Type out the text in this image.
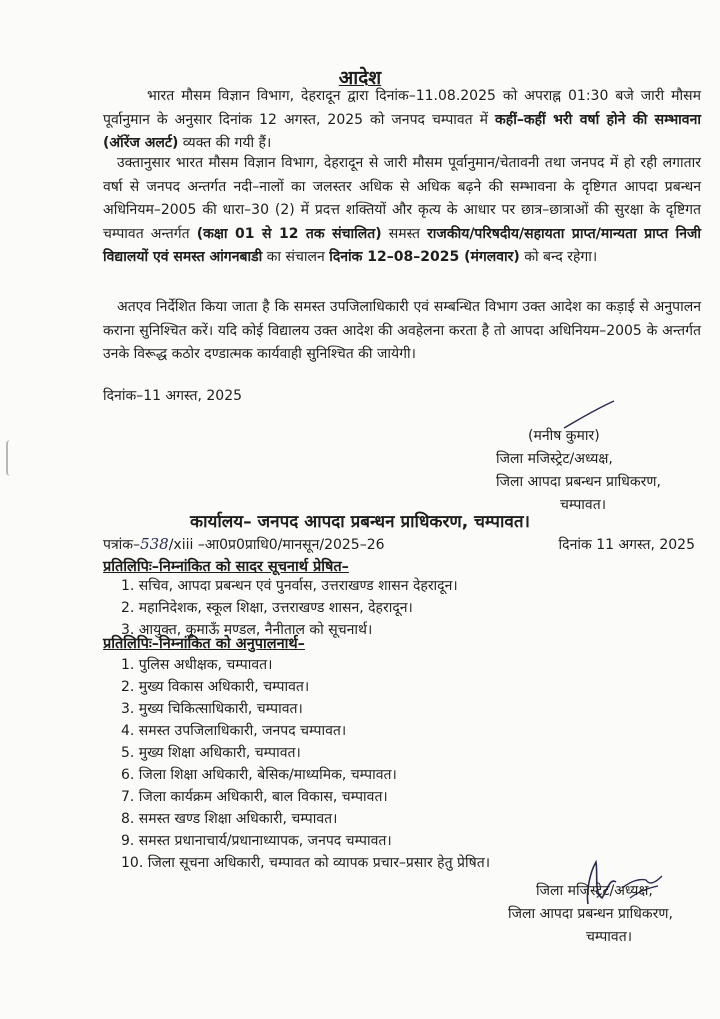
आदेश
भारत मौसम विज्ञान विभाग, देहरादून द्वारा दिनांक–11.08.2025 को अपराह्न 01:30 बजे जारी मौसम पूर्वानुमान के अनुसार दिनांक 12 अगस्त, 2025 को जनपद चम्पावत में कहीं–कहीं भरी वर्षा होने की सम्भावना (ऑरेंज अलर्ट) व्यक्त की गयी हैं।
उक्तानुसार भारत मौसम विज्ञान विभाग, देहरादून से जारी मौसम पूर्वानुमान/चेतावनी तथा जनपद में हो रही लगातार वर्षा से जनपद अन्तर्गत नदी–नालों का जलस्तर अधिक से अधिक बढ़ने की सम्भावना के दृष्टिगत आपदा प्रबन्धन अधिनियम–2005 की धारा–30 (2) में प्रदत्त शक्तियों और कृत्य के आधार पर छात्र–छात्राओं की सुरक्षा के दृष्टिगत चम्पावत अन्तर्गत (कक्षा 01 से 12 तक संचालित) समस्त राजकीय/परिषदीय/सहायता प्राप्त/मान्यता प्राप्त निजी विद्यालयों एवं समस्त आंगनबाडी का संचालन दिनांक 12–08–2025 (मंगलवार) को बन्द रहेगा।
अतएव निर्देशित किया जाता है कि समस्त उपजिलाधिकारी एवं सम्बन्धित विभाग उक्त आदेश का कड़ाई से अनुपालन कराना सुनिश्चित करें। यदि कोई विद्यालय उक्त आदेश की अवहेलना करता है तो आपदा अधिनियम–2005 के अन्तर्गत उनके विरूद्ध कठोर दण्डात्मक कार्यवाही सुनिश्चित की जायेगी।
दिनांक–11 अगस्त, 2025
(मनीष कुमार)
जिला मजिस्ट्रेट/अध्यक्ष,
जिला आपदा प्रबन्धन प्राधिकरण,
चम्पावत।
कार्यालय– जनपद आपदा प्रबन्धन प्राधिकरण, चम्पावत।
पत्रांक–538/xiii –आ0प्र0प्राधि0/मानसून/2025–26	दिनांक 11 अगस्त, 2025
प्रतिलिपिः–निम्नांकित को सादर सूचनार्थ प्रेषित–
1. सचिव, आपदा प्रबन्धन एवं पुनर्वास, उत्तराखण्ड शासन देहरादून।
2. महानिदेशक, स्कूल शिक्षा, उत्तराखण्ड शासन, देहरादून।
3. आयुक्त, कुमाऊँ मण्डल, नैनीताल को सूचनार्थ।
प्रतिलिपिः–निम्नांकित को अनुपालनार्थ–
1. पुलिस अधीक्षक, चम्पावत।
2. मुख्य विकास अधिकारी, चम्पावत।
3. मुख्य चिकित्साधिकारी, चम्पावत।
4. समस्त उपजिलाधिकारी, जनपद चम्पावत।
5. मुख्य शिक्षा अधिकारी, चम्पावत।
6. जिला शिक्षा अधिकारी, बेसिक/माध्यमिक, चम्पावत।
7. जिला कार्यक्रम अधिकारी, बाल विकास, चम्पावत।
8. समस्त खण्ड शिक्षा अधिकारी, चम्पावत।
9. समस्त प्रधानाचार्य/प्रधानाध्यापक, जनपद चम्पावत।
10. जिला सूचना अधिकारी, चम्पावत को व्यापक प्रचार–प्रसार हेतु प्रेषित।
जिला मजिस्ट्रेट/अध्यक्ष,
जिला आपदा प्रबन्धन प्राधिकरण,
चम्पावत।
